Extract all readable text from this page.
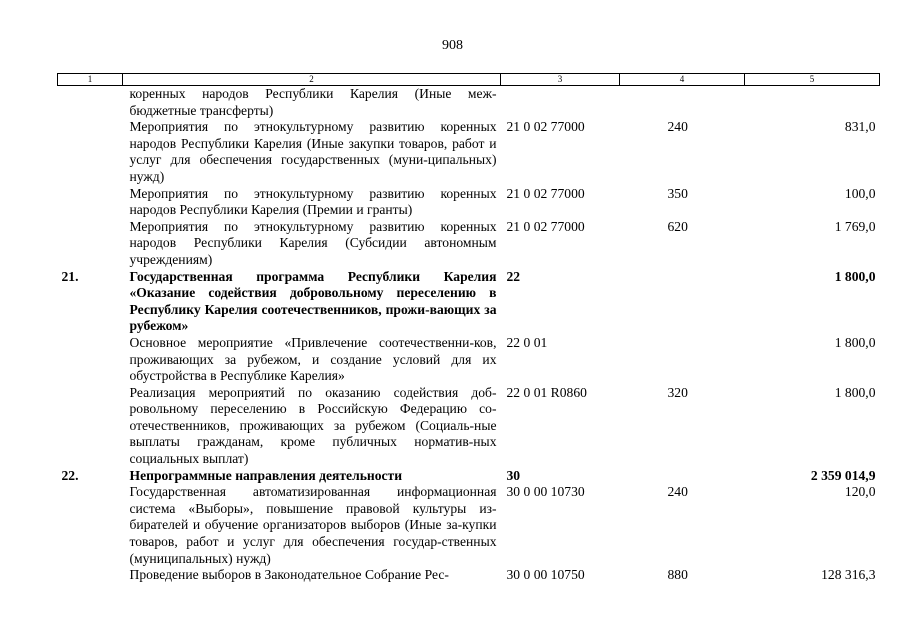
908
1	2	3	4	5
	коренных народов Республики Карелия (Иные меж-бюджетные трансферты)			
	Мероприятия по этнокультурному развитию коренных народов Республики Карелия (Иные закупки товаров, работ и услуг для обеспечения государственных (муни-ципальных) нужд)	21 0 02 77000	240	831,0
	Мероприятия по этнокультурному развитию коренных народов Республики Карелия (Премии и гранты)	21 0 02 77000	350	100,0
	Мероприятия по этнокультурному развитию коренных народов Республики Карелия (Субсидии автономным учреждениям)	21 0 02 77000	620	1 769,0
21.	Государственная программа Республики Карелия «Оказание содействия добровольному переселению в Республику Карелия соотечественников, прожи-вающих за рубежом»	22		1 800,0
	Основное мероприятие «Привлечение соотечественни-ков, проживающих за рубежом, и создание условий для их обустройства в Республике Карелия»	22 0 01		1 800,0
	Реализация мероприятий по оказанию содействия доб-ровольному переселению в Российскую Федерацию со-отечественников, проживающих за рубежом (Социаль-ные выплаты гражданам, кроме публичных норматив-ных социальных выплат)	22 0 01 R0860	320	1 800,0
22.	Непрограммные направления деятельности	30		2 359 014,9
	Государственная автоматизированная информационная система «Выборы», повышение правовой культуры из-бирателей и обучение организаторов выборов (Иные за-купки товаров, работ и услуг для обеспечения государ-ственных (муниципальных) нужд)	30 0 00 10730	240	120,0
	Проведение выборов в Законодательное Собрание Рес-	30 0 00 10750	880	128 316,3
